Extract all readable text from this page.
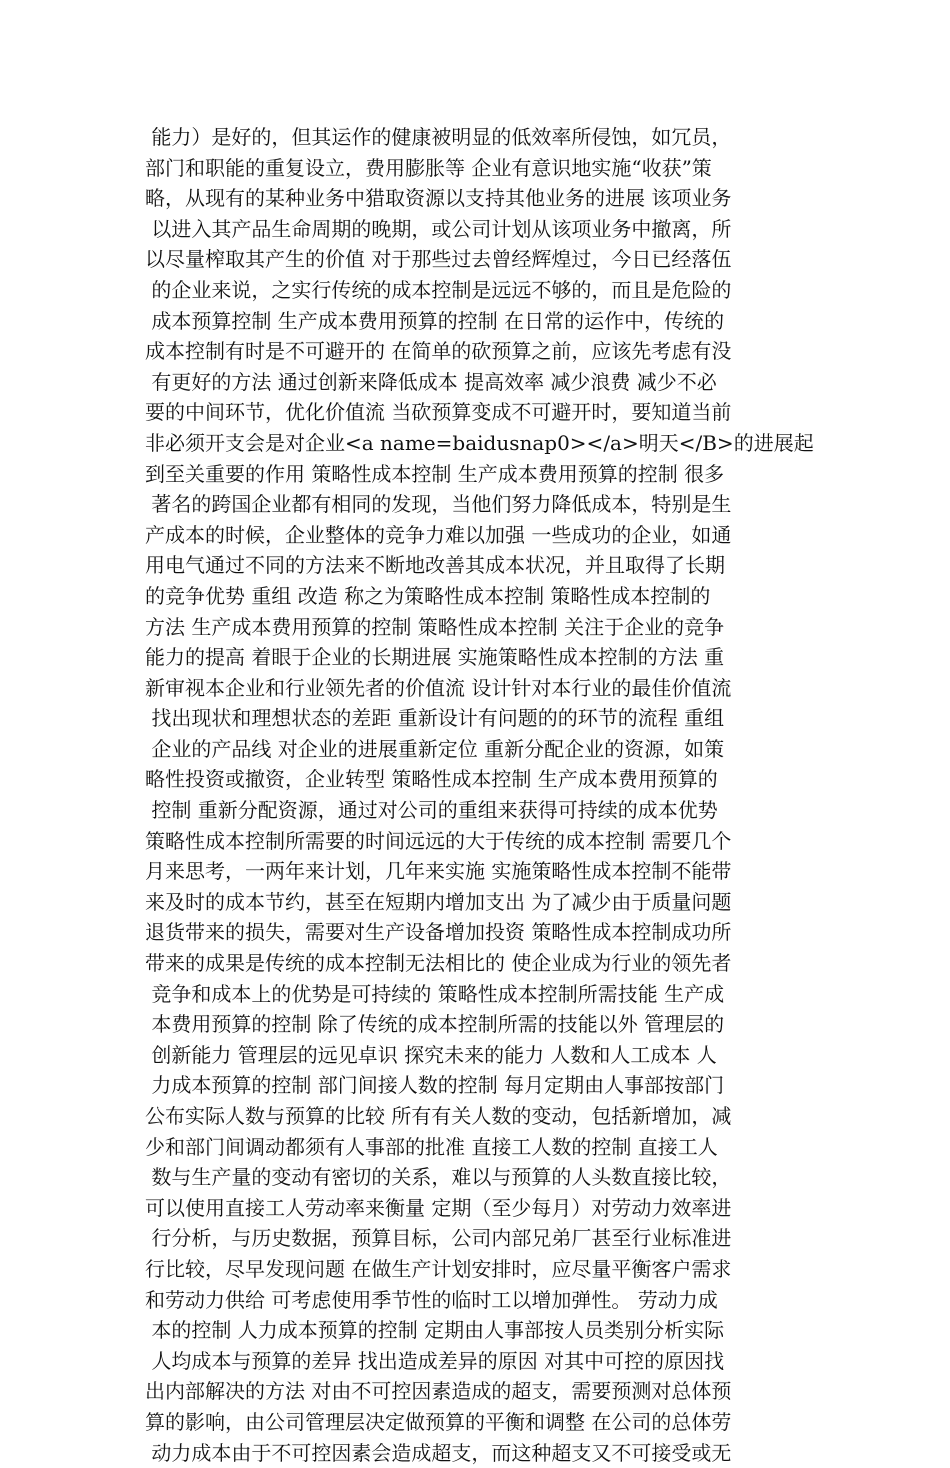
能力）是好的，但其运作的健康被明显的低效率所侵蚀，如冗员，
部门和职能的重复设立，费用膨胀等 企业有意识地实施“收获”策
略，从现有的某种业务中猎取资源以支持其他业务的进展 该项业务
以进入其产品生命周期的晚期，或公司计划从该项业务中撤离，所
以尽量榨取其产生的价值 对于那些过去曾经辉煌过，今日已经落伍
的企业来说，之实行传统的成本控制是远远不够的，而且是危险的
成本预算控制 生产成本费用预算的控制 在日常的运作中，传统的
成本控制有时是不可避开的 在简单的砍预算之前，应该先考虑有没
有更好的方法 通过创新来降低成本 提高效率 减少浪费 减少不必
要的中间环节，优化价值流 当砍预算变成不可避开时，要知道当前
非必须开支会是对企业<a name=baidusnap0></a>明天</B>的进展起
到至关重要的作用 策略性成本控制 生产成本费用预算的控制 很多
著名的跨国企业都有相同的发现，当他们努力降低成本，特别是生
产成本的时候，企业整体的竞争力难以加强 一些成功的企业，如通
用电气通过不同的方法来不断地改善其成本状况，并且取得了长期
的竞争优势 重组 改造 称之为策略性成本控制 策略性成本控制的
方法 生产成本费用预算的控制 策略性成本控制 关注于企业的竞争
能力的提高 着眼于企业的长期进展 实施策略性成本控制的方法 重
新审视本企业和行业领先者的价值流 设计针对本行业的最佳价值流
找出现状和理想状态的差距 重新设计有问题的的环节的流程 重组
企业的产品线 对企业的进展重新定位 重新分配企业的资源，如策
略性投资或撤资，企业转型 策略性成本控制 生产成本费用预算的
控制 重新分配资源，通过对公司的重组来获得可持续的成本优势
策略性成本控制所需要的时间远远的大于传统的成本控制 需要几个
月来思考，一两年来计划，几年来实施 实施策略性成本控制不能带
来及时的成本节约，甚至在短期内增加支出 为了减少由于质量问题
退货带来的损失，需要对生产设备增加投资 策略性成本控制成功所
带来的成果是传统的成本控制无法相比的 使企业成为行业的领先者
竞争和成本上的优势是可持续的 策略性成本控制所需技能 生产成
本费用预算的控制 除了传统的成本控制所需的技能以外 管理层的
创新能力 管理层的远见卓识 探究未来的能力 人数和人工成本 人
力成本预算的控制 部门间接人数的控制 每月定期由人事部按部门
公布实际人数与预算的比较 所有有关人数的变动，包括新增加，减
少和部门间调动都须有人事部的批准 直接工人数的控制 直接工人
数与生产量的变动有密切的关系，难以与预算的人头数直接比较，
可以使用直接工人劳动率来衡量 定期（至少每月）对劳动力效率进
行分析，与历史数据，预算目标，公司内部兄弟厂甚至行业标准进
行比较，尽早发现问题 在做生产计划安排时，应尽量平衡客户需求
和劳动力供给 可考虑使用季节性的临时工以增加弹性。 劳动力成
本的控制 人力成本预算的控制 定期由人事部按人员类别分析实际
人均成本与预算的差异 找出造成差异的原因 对其中可控的原因找
出内部解决的方法 对由不可控因素造成的超支，需要预测对总体预
算的影响，由公司管理层决定做预算的平衡和调整 在公司的总体劳
动力成本由于不可控因素会造成超支，而这种超支又不可接受或无
